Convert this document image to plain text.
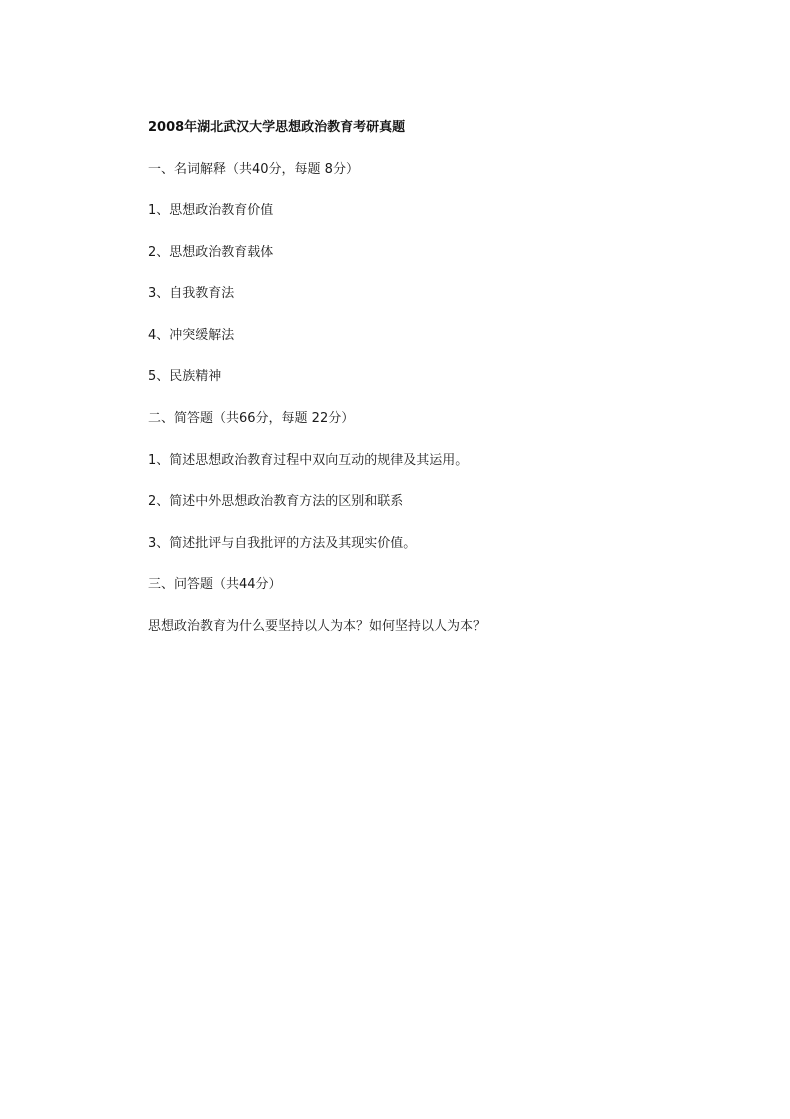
2008年湖北武汉大学思想政治教育考研真题
一、名词解释（共40分，每题 8分）
1、思想政治教育价值
2、思想政治教育载体
3、自我教育法
4、冲突缓解法
5、民族精神
二、简答题（共66分，每题 22分）
1、简述思想政治教育过程中双向互动的规律及其运用。
2、简述中外思想政治教育方法的区别和联系
3、简述批评与自我批评的方法及其现实价值。
三、问答题（共44分）
思想政治教育为什么要坚持以人为本？如何坚持以人为本？
